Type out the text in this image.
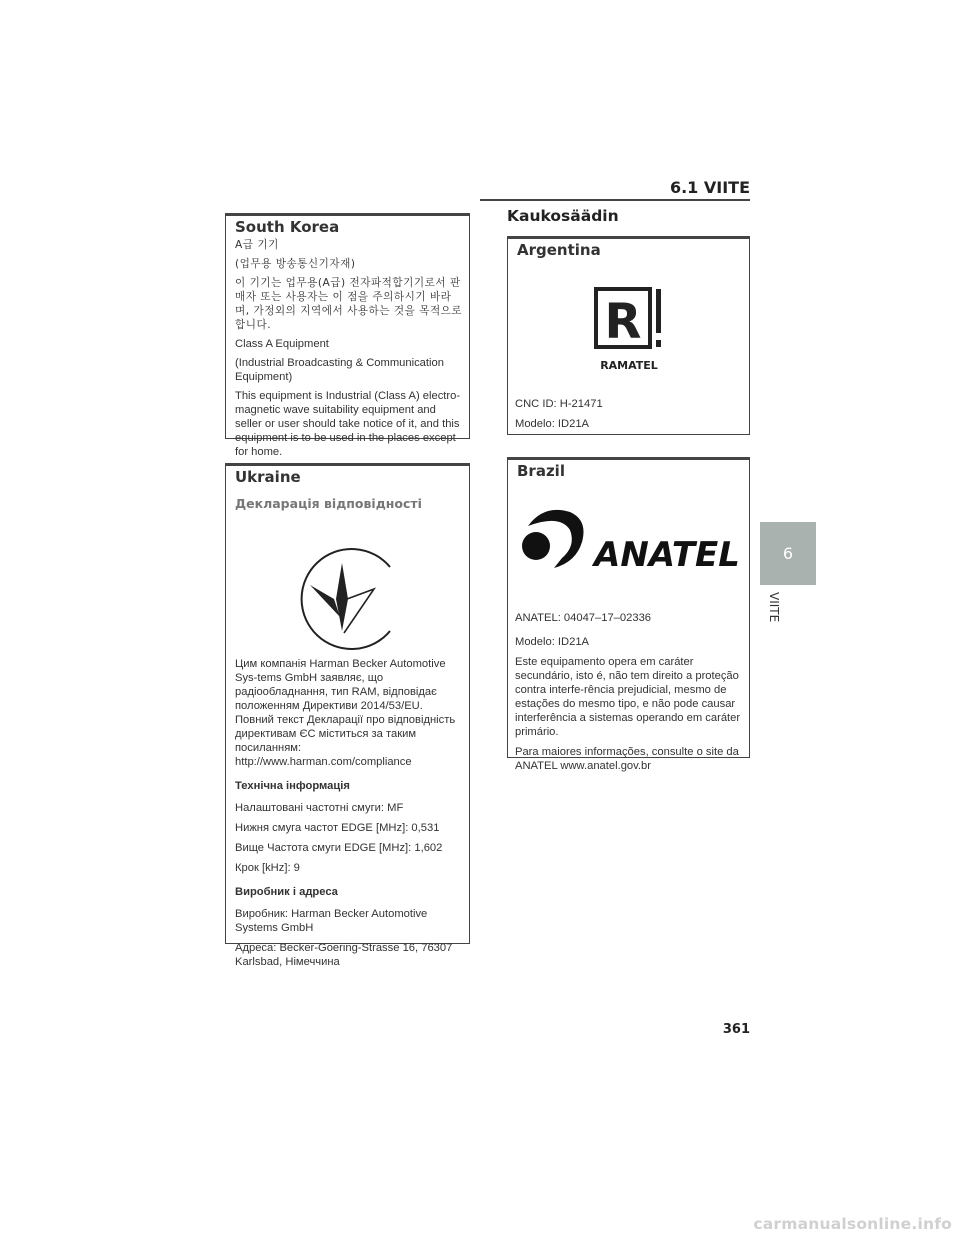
6.1 VIITE
South Korea

A급 기기

(업무용 방송통신기자재)

이 기기는 업무용(A급) 전자파적합기기로서 판매자 또는 사용자는 이 점을 주의하시기 바라 며, 가정외의 지역에서 사용하는 것을 목적으로 합니다.

Class A Equipment

(Industrial Broadcasting & Communication Equipment)

This equipment is Industrial (Class A) electro-magnetic wave suitability equipment and seller or user should take notice of it, and this equipment is to be used in the places except for home.

Ukraine
Декларація відповідності

Цим компанія Harman Becker Automotive Sys-tems GmbH заявляє, що радіообладнання, тип RAM, відповідає положенням Директиви 2014/53/EU. Повний текст Декларації про відповідність директивам ЄС міститься за таким посиланням: http://www.harman.com/compliance

Технічна інформація

Налаштовані частотні смуги: MF

Нижня смуга частот EDGE [MHz]: 0,531

Вище Частота смуги EDGE [MHz]: 1,602

Крок [kHz]: 9

Виробник і адреса

Виробник: Harman Becker Automotive Systems GmbH

Адреса: Becker-Goering-Strasse 16, 76307 Karlsbad, Німеччина

Kaukosäädin
Argentina
R
RAMATEL

CNC ID: H-21471

Modelo: ID21A

Brazil
ANATEL

ANATEL: 04047–17–02336

Modelo: ID21A

Este equipamento opera em caráter secundário, isto é, não tem direito a proteção contra interfe-rência prejudicial, mesmo de estações do mesmo tipo, e não pode causar interferência a sistemas operando em caráter primário.

Para maiores informações, consulte o site da ANATEL www.anatel.gov.br

6
VIITE
361
carmanualsonline.info
